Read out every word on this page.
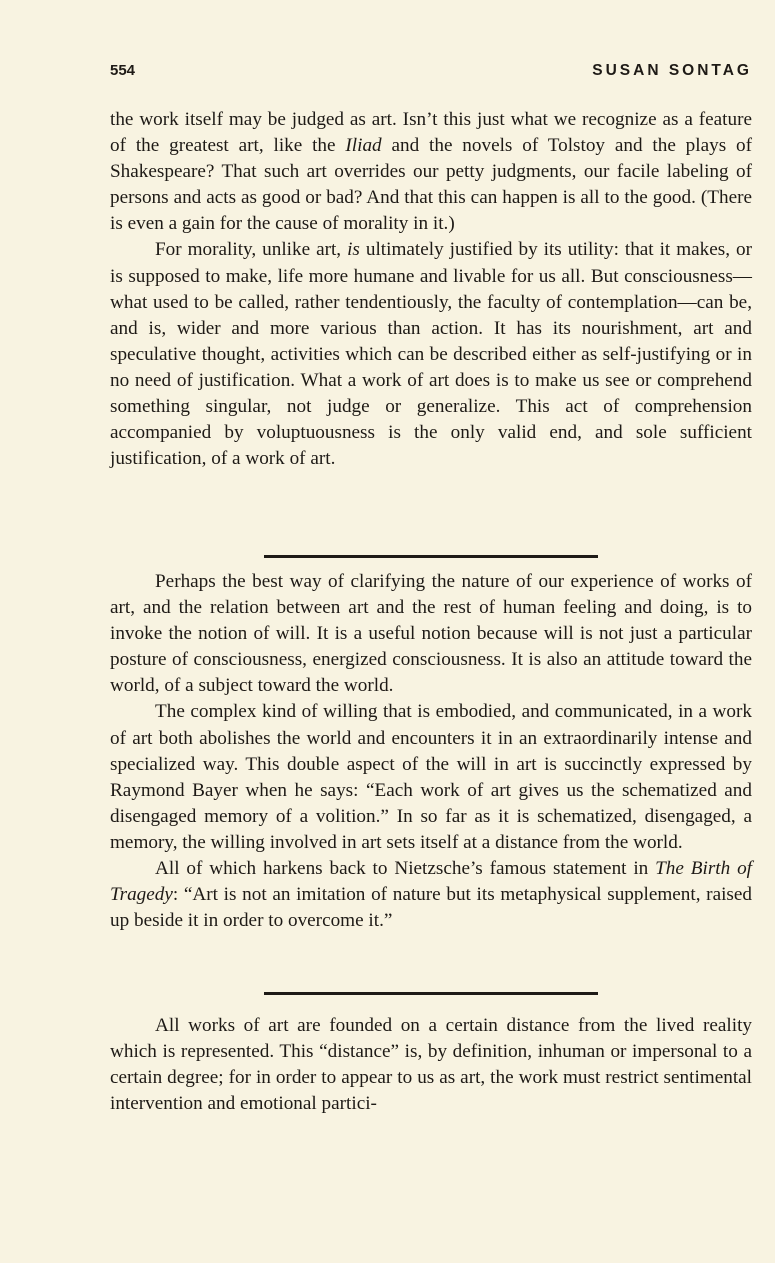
554	SUSAN SONTAG

the work itself may be judged as art. Isn’t this just what we recognize as a feature of the greatest art, like the Iliad and the novels of Tolstoy and the plays of Shakespeare? That such art overrides our petty judgments, our facile labeling of persons and acts as good or bad? And that this can happen is all to the good. (There is even a gain for the cause of morality in it.)

For morality, unlike art, is ultimately justified by its utility: that it makes, or is supposed to make, life more humane and livable for us all. But consciousness—what used to be called, rather tendentiously, the faculty of contemplation—can be, and is, wider and more various than action. It has its nourishment, art and speculative thought, activities which can be described either as self-justifying or in no need of justification. What a work of art does is to make us see or comprehend something singular, not judge or generalize. This act of comprehension accompanied by voluptuousness is the only valid end, and sole sufficient justification, of a work of art.

Perhaps the best way of clarifying the nature of our experience of works of art, and the relation between art and the rest of human feeling and doing, is to invoke the notion of will. It is a useful notion because will is not just a particular posture of consciousness, energized consciousness. It is also an attitude toward the world, of a subject toward the world.

The complex kind of willing that is embodied, and communicated, in a work of art both abolishes the world and encounters it in an extraordinarily intense and specialized way. This double aspect of the will in art is succinctly expressed by Raymond Bayer when he says: “Each work of art gives us the schematized and disengaged memory of a volition.” In so far as it is schematized, disengaged, a memory, the willing involved in art sets itself at a distance from the world.

All of which harkens back to Nietzsche’s famous statement in The Birth of Tragedy: “Art is not an imitation of nature but its metaphysical supplement, raised up beside it in order to overcome it.”

All works of art are founded on a certain distance from the lived reality which is represented. This “distance” is, by definition, inhuman or impersonal to a certain degree; for in order to appear to us as art, the work must restrict sentimental intervention and emotional partici-
